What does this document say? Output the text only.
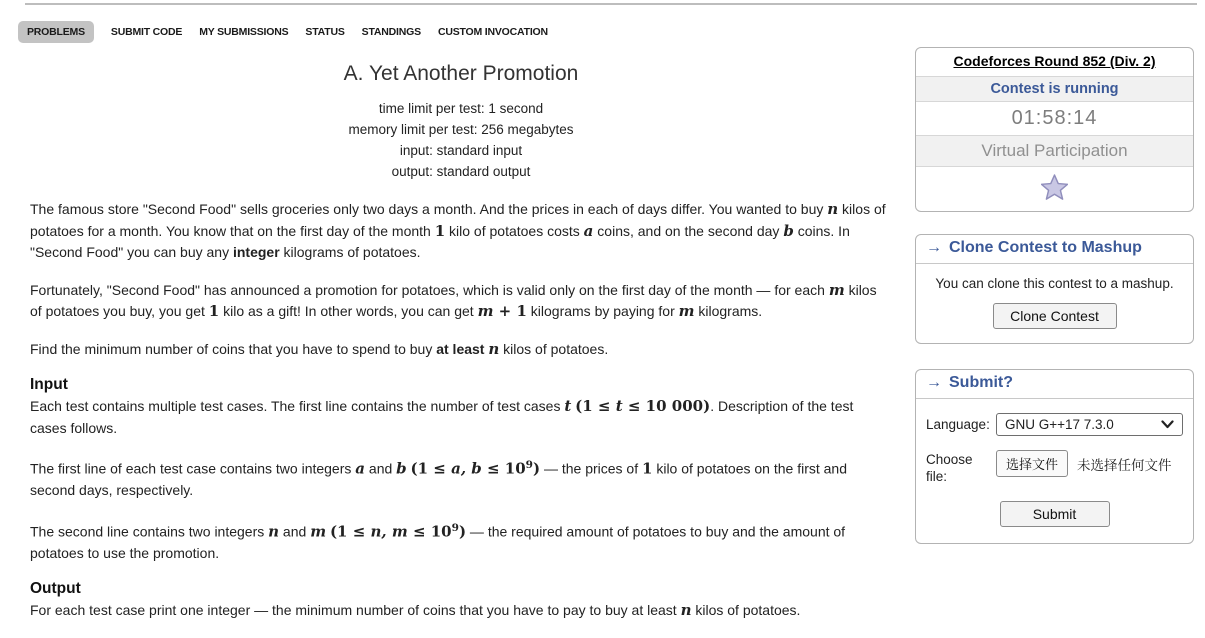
PROBLEMS	SUBMIT CODE MY SUBMISSIONS STATUS STANDINGS CUSTOM INVOCATION
A. Yet Another Promotion
time limit per test: 1 second
memory limit per test: 256 megabytes
input: standard input
output: standard output

The famous store "Second Food" sells groceries only two days a month. And the prices in each of days differ. You wanted to buy n kilos of potatoes for a month. You know that on the first day of the month 1 kilo of potatoes costs a coins, and on the second day b coins. In "Second Food" you can buy any integer kilograms of potatoes.

Fortunately, "Second Food" has announced a promotion for potatoes, which is valid only on the first day of the month — for each m kilos of potatoes you buy, you get 1 kilo as a gift! In other words, you can get m + 1 kilograms by paying for m kilograms.

Find the minimum number of coins that you have to spend to buy at least n kilos of potatoes.

Input

Each test contains multiple test cases. The first line contains the number of test cases t (1 ≤ t ≤ 10 000). Description of the test cases follows.

The first line of each test case contains two integers a and b (1 ≤ a, $b \le 10^9$) — the prices of 1 kilo of potatoes on the first and second days, respectively.

The second line contains two integers n and m (1 ≤ n, $m \le 10^9$) — the required amount of potatoes to buy and the amount of potatoes to use the promotion.

Output

For each test case print one integer — the minimum number of coins that you have to pay to buy at least n kilos of potatoes.

Codeforces Round 852 (Div. 2)
Contest is running
01:58:14
Virtual Participation
→ Clone Contest to Mashup

You can clone this contest to a mashup.

Clone Contest
→ Submit?
Language:	GNU G++17 7.3.0
Choose file:
选择文件	未选择任何文件
Submit
